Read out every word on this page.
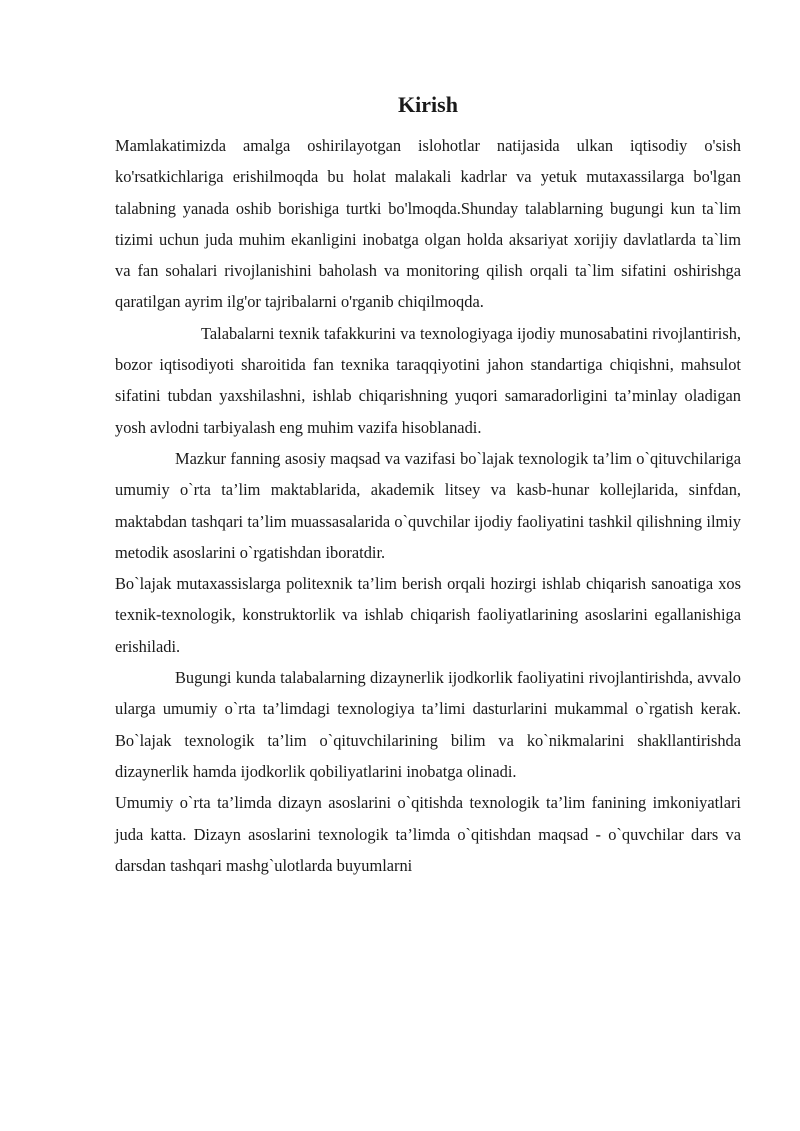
Kirish

Mamlakatimizda amalga oshirilayotgan islohotlar natijasida ulkan iqtisodiy o'sish ko'rsatkichlariga erishilmoqda bu holat malakali kadrlar va yetuk mutaxassilarga bo'lgan talabning yanada oshib borishiga turtki bo'lmoqda.Shunday talablarning bugungi kun ta`lim tizimi uchun juda muhim ekanligini inobatga olgan holda aksariyat xorijiy davlatlarda ta`lim va fan sohalari rivojlanishini baholash va monitoring qilish orqali ta`lim sifatini oshirishga qaratilgan ayrim ilg'or tajribalarni o'rganib chiqilmoqda.

Talabalarni texnik tafakkurini va texnologiyaga ijodiy munosabatini rivojlantirish, bozor iqtisodiyoti sharoitida fan texnika taraqqiyotini jahon standartiga chiqishni, mahsulot sifatini tubdan yaxshilashni, ishlab chiqarishning yuqori samaradorligini ta’minlay oladigan yosh avlodni tarbiyalash eng muhim vazifa hisoblanadi.

Mazkur fanning asosiy maqsad va vazifasi bo`lajak texnologik ta’lim o`qituvchilariga umumiy o`rta ta’lim maktablarida, akademik litsey va kasb-hunar kollejlarida, sinfdan, maktabdan tashqari ta’lim muassasalarida o`quvchilar ijodiy faoliyatini tashkil qilishning ilmiy metodik asoslarini o`rgatishdan iboratdir.

Bo`lajak mutaxassislarga politexnik ta’lim berish orqali hozirgi ishlab chiqarish sanoatiga xos texnik-texnologik, konstruktorlik va ishlab chiqarish faoliyatlarining asoslarini egallanishiga erishiladi.

Bugungi kunda talabalarning dizaynerlik ijodkorlik faoliyatini rivojlantirishda, avvalo ularga umumiy o`rta ta’limdagi texnologiya ta’limi dasturlarini mukammal o`rgatish kerak. Bo`lajak texnologik ta’lim o`qituvchilarining bilim va ko`nikmalarini shakllantirishda dizaynerlik hamda ijodkorlik qobiliyatlarini inobatga olinadi.

Umumiy o`rta ta’limda dizayn asoslarini o`qitishda texnologik ta’lim fanining imkoniyatlari juda katta. Dizayn asoslarini texnologik ta’limda o`qitishdan maqsad - o`quvchilar dars va darsdan tashqari mashg`ulotlarda buyumlarni
